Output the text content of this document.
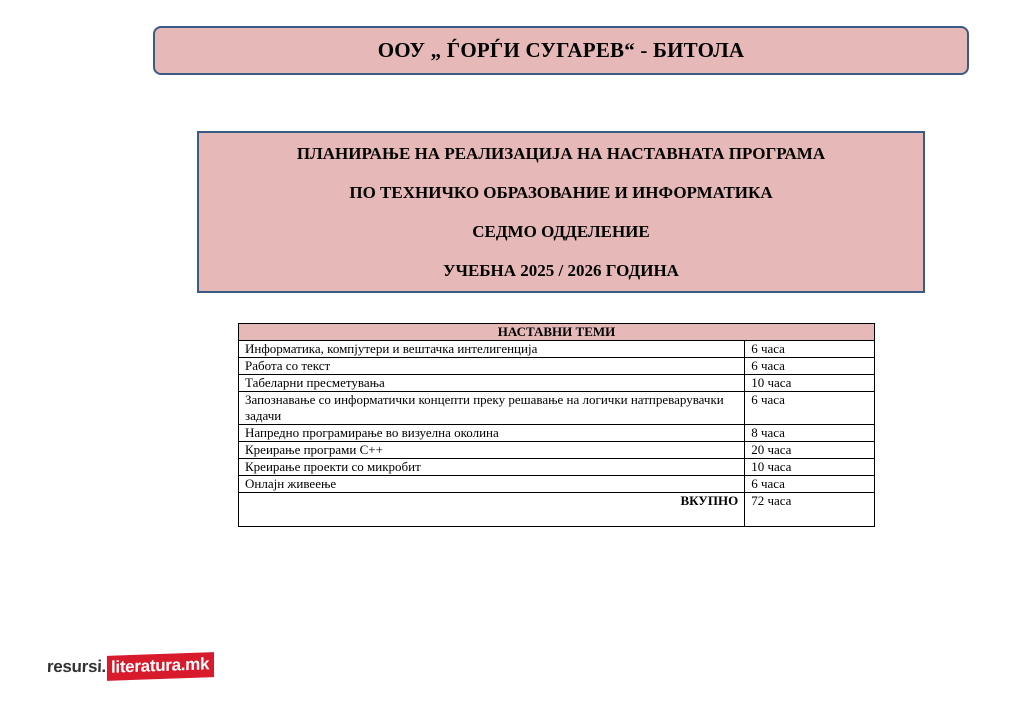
ООУ „ ЃОРЃИ СУГАРЕВ“ - БИТОЛА
ПЛАНИРАЊЕ НА РЕАЛИЗАЦИЈА НА НАСТАВНАТА ПРОГРАМА
ПО ТЕХНИЧКО ОБРАЗОВАНИЕ И ИНФОРМАТИКА
СЕДМО ОДДЕЛЕНИЕ
УЧЕБНА 2025 / 2026 ГОДИНА
НАСТАВНИ ТЕМИ	
Информатика, компјутери и вештачка интелигенција	6 часа
Работа со текст	6 часа
Табеларни пресметувања	10 часа
Запознавање со информатички концепти преку решавање на логички натпреварувачки задачи	6 часа
Напредно програмирање во визуелна околина	8 часа
Креирање програми C++	20 часа
Креирање проекти со микробит	10 часа
Онлајн живеење	6 часа
ВКУПНО	72 часа
resursi. literatura.mk
